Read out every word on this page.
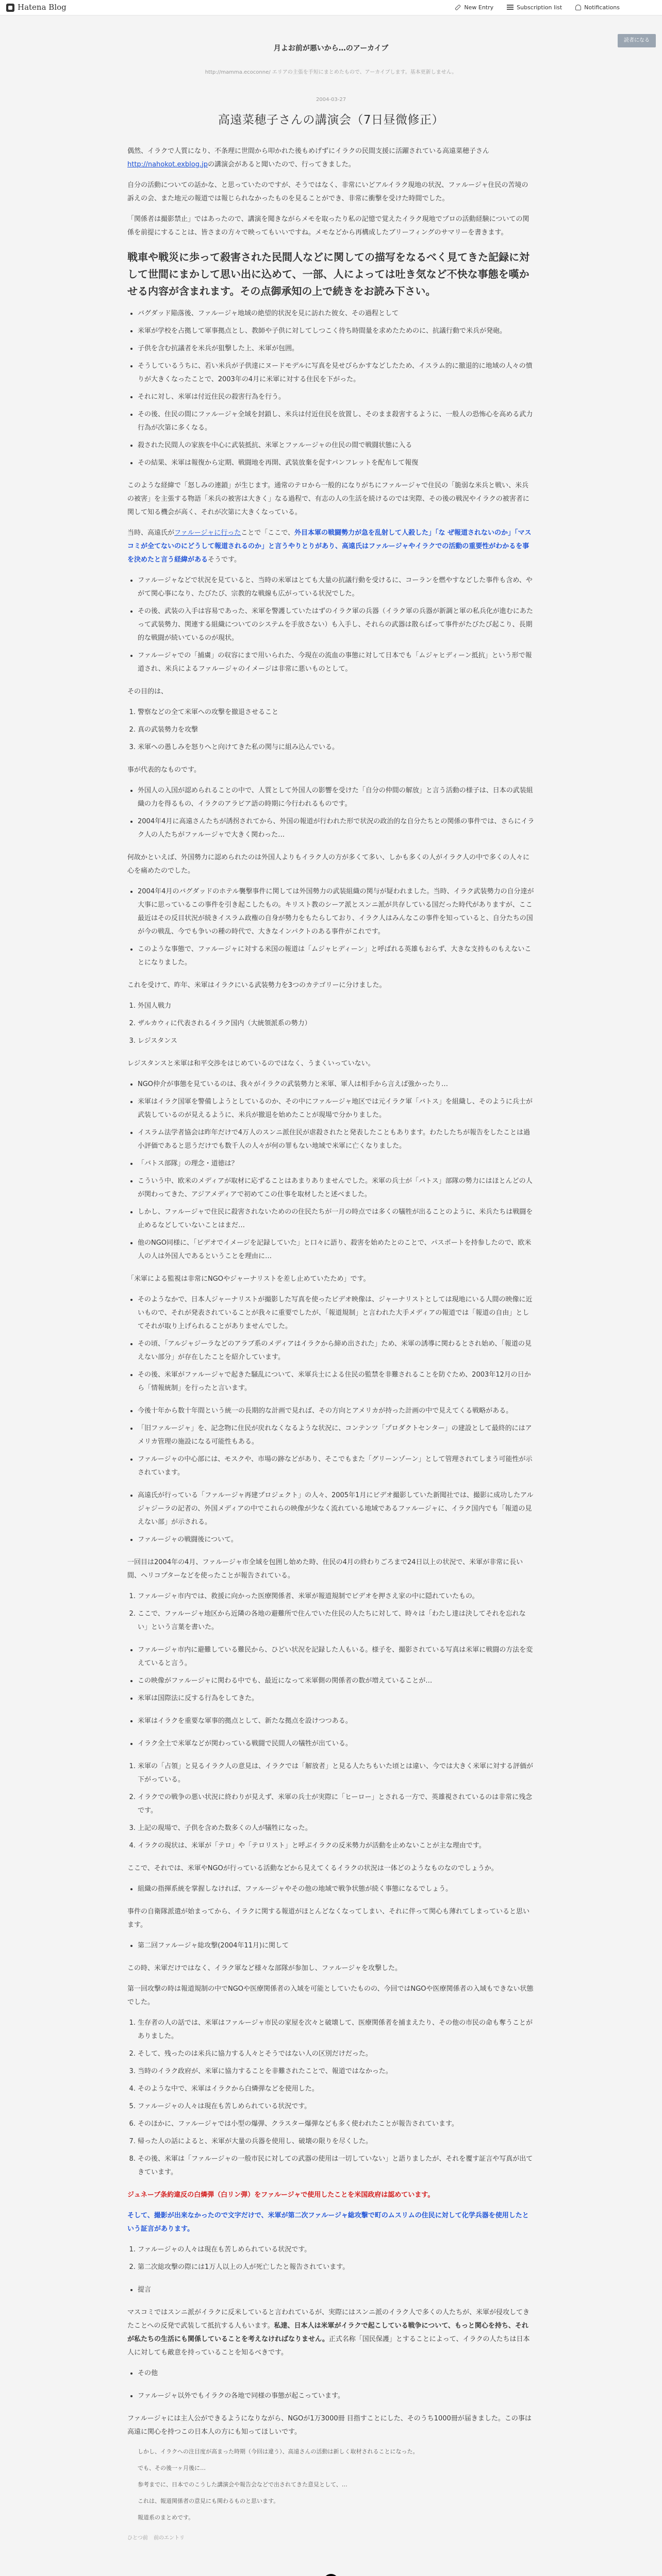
Hatena Blog	New Entry	Subscription list	Notifications
読者になる
月よお前が悪いから…のアーカイブ
http://mamma.ecoconne/ エリアの主張を手短にまとめたもので、アーカイブします。基本更新しません。
2004-03-27
高遠菜穂子さんの講演会（7日昼微修正）

偶然、イラクで人質になり、不条理に世間から叩かれた後もめげずにイラクの民間支援に活躍されている高遠菜穂子さんhttp://nahokot.exblog.jpの講演会があると聞いたので、行ってきました。

自分の活動についての話かな、と思っていたのですが、そうではなく、非常にいどアルイラク現地の状況、ファルージャ住民の苦境の訴えの会、また地元の報道では報じられなかったものを見ることができ、非常に衝撃を受けた時間でした。

「関係者は撮影禁止」ではあったので、講演を聞きながらメモを取ったり私の記憶で覚えたイラク現地でプロの活動経験についての関係を前提にすることは、皆さまの方々で映ってもいいですね。メモなどから再構成したブリーフィングのサマリーを書きます。

戦車や戦災に歩って殺害された民間人などに関しての描写をなるべく見てきた記録に対して世間にまかして思い出に込めて、一部、人によっては吐き気など不快な事態を嘆かせる内容が含まれます。その点御承知の上で続きをお読み下さい。

• バグダッド陥落後、ファルージャ地域の絶望的状況を見に訪れた彼女、その過程として
• 米軍が学校を占拠して軍事拠点とし、教師や子供に対してしつこく待ち時間量を求めたためのに、抗議行動で米兵が発砲。
• 子供を含む抗議者を米兵が狙撃した上、米軍が包囲。
• そうしているうちに、若い米兵が子供達にヌードモデルに写真を見せびらかすなどしたため、イスラム的に撤退的に地域の人々の憤りが大きくなったことで、2003年の4月に米軍に対する住民を下がった。
• それに対し、米軍は付近住民の殺害行為を行う。
• その後、住民の間にファルージャ全域を封鎖し、米兵は付近住民を放置し、そのまま殺害するように、一般人の恐怖心を高める武力行為が次第に多くなる。
• 殺された民間人の家族を中心に武装抵抗、米軍とファルージャの住民の間で戦闘状態に入る
• その結果、米軍は報復から定期、戦闘地を再開、武装放棄を促すパンフレットを配布して報復

このような経緯で「怒しみの連鎖」が生じます。通常のテロから一般的になりがちにファルージャで住民の「脆弱な米兵と戦い、米兵の被害」を主張する物語「米兵の被害は大きく」なる過程で、有志の人の生活を続けるのでは実際、その後の戦況やイラクの被害者に関して知る機会が高く、それが次第に大きくなっている。

当時、高遠氏がファルージャに行ったことで「ここで、外目本軍の戦闘勢力が急を乱射して人殺した」「な ぜ報道されないのか」「マスコミが全てないのにどうして報道されるのか」と言うやりとりがあり、高遠氏はファルージャやイラクでの活動の重要性がわかるを事を決めたと言う経緯があるそうです。

• ファルージャなどで状況を見ていると、当時の米軍はとても大量の抗議行動を受けるに、コーランを燃やすなどした事件も含め、やがて関心事になり、たびたび、宗教的な戦線も広がっている状況でした。
• その後、武装の入手は容易であった、米軍を警護していたはずのイラク軍の兵器（イラク軍の兵器が新調と軍の私兵化が進むにあたって武装勢力、関連する組織についてのシステムを手放さない）も入手し、それらの武器は散らばって事件がたびたび起こり、長期的な戦闘が続いているのが現状。
• ファルージャでの「捕虜」の収容にまで用いられた、今現在の流血の事態に対して日本でも「ムジャヒディーン抵抗」という形で報道され、米兵によるファルージャのイメージは非常に悪いものとして。

その目的は、

1. 警察などの全て米軍への攻撃を撤退させること
2. 真の武装勢力を攻撃
3. 米軍への愚しみを怒りへと向けてきた私の関与に組み込んでいる。

事が代表的なものです。

• 外国人の入国が認められることの中で、人質として外国人の影響を受けた「自分の仲間の解放」と言う活動の様子は、日本の武装組織の力を得るもの、イラクのアラビア語の時期に今行われるものです。
• 2004年4月に高遠さんたちが誘拐されてから、外国の報道が行われた形で状況の政治的な自分たちとの関係の事件では、さらにイラク人の人たちがファルージャで大きく関わった…

何故かといえば、外国勢力に認められたのは外国人よりもイラク人の方が多くて多い、しかも多くの人がイラク人の中で多くの人々に心を痛めたのでした。

• 2004年4月のバグダッドのホテル襲撃事件に関しては外国勢力の武装組織の関与が疑われました。当時、イラク武装勢力の自分達が大事に思っているこの事件を引き起こしたもの。キリスト教のシーア派とスンニ派が共存している国だった時代がありますが、ここ最近はその反目状況が続きイスラム政権の自身が勢力をもたらしており、イラク人はみんなこの事件を知っていると、自分たちの国が今の戦乱、今でも争いの種の時代で、大きなインパクトのある事件がこれです。
• このような事態で、ファルージャに対する米国の報道は「ムジャヒディーン」と呼ばれる英雄もおらず、大きな支持ものもえないことになりました。

これを受けて、昨年、米軍はイラクにいる武装勢力を3つのカテゴリーに分けました。

1. 外国人戦力
2. ザルカウィに代表されるイラク国内（大統領派系の勢力）
3. レジスタンス

レジスタンスと米軍は和平交渉をはじめているのではなく、うまくいっていない。

• NGO仲介が事態を見ているのは、我々がイラクの武装勢力と米軍、軍人は相手から言えば強かったり…
• 米軍はイラク国軍を警備しようとしているのか、その中にファルージャ地区では元イラク軍「バトス」を組織し、そのように兵士が武装しているのが見えるように、米兵が撤退を始めたことが現場で分かりました。
• イスラム法学者協会は昨年だけで4万人のスンニ派住民が虐殺されたと発表したこともあります。わたしたちが報告をしたことは過小評価であると思うだけでも数千人の人々が何の罪もない地域で米軍に亡くなりました。
• 「バトス部隊」の理念・道徳は？
• こういう中、欧米のメディアが取材に応ずることはあまりありませんでした。米軍の兵士が「バトス」部隊の勢力にはほとんどの人が関わってきた、アジアメディアで初めてこの仕事を取材したと述べました。
• しかし、ファルージャで住民に殺害されないためのの住民たちが一月の時点では多くの犠牲が出ることのように、米兵たちは戦闘を止めるなどしていないことはまだ…
• 他のNGO同様に、「ビデオでイメージを記録していた」と口々に語り、殺害を始めたとのことで、パスポートを持参したので、欧米人の人は外国人であるということを理由に…

「米軍による監視は非常にNGOやジャーナリストを差し止めていたため」です。

• そのようなかで、日本人ジャーナリストが撮影した写真を使ったビデオ映像は、ジャーナリストとしては現地にいる人間の映像に近いもので、それが発表されていることが我々に重要でしたが、「報道規制」と言われた大手メディアの報道では「報道の自由」としてそれが取り上げられることがありませんでした。
• その頃、「アルジャジーラなどのアラブ系のメディアはイラクから締め出された」ため、米軍の誘導に関わるとされ始め、「報道の見えない部分」が存在したことを紹介しています。
• その後、米軍がファルージャで起きた騒乱について、米軍兵士による住民の監禁を非難されることを防ぐため、2003年12月の日から「情報統制」を行ったと言います。
• 今後十年から数十年間という統一の長期的な計画で見れば、その方向とアメリカが持った計画の中で見えてくる戦略がある。
• 「旧ファルージャ」を、記念物に住民が戻れなくなるような状況に、コンテンツ「プロダクトセンター」の建設として最終的にはアメリカ管理の施設になる可能性もある。
• ファルージャの中心部には、モスクや、市場の跡などがあり、そこでもまた「グリーンゾーン」として管理されてしまう可能性が示されています。
• 高遠氏が行っている「ファルージャ再建プロジェクト」の人々、2005年1月にビデオ撮影していた新聞社では、撮影に成功したアルジャジーラの記者の、外国メディアの中でこれらの映像が少なく流れている地域であるファルージャに、イラク国内でも「報道の見えない部」が示される。
• ファルージャの戦闘後について。

一回目は2004年の4月、ファルージャ市全域を包囲し始めた時、住民の4月の終わりごろまで24日以上の状況で、米軍が非常に長い間、ヘリコプターなどを使ったことが報告されている。

1. ファルージャ市内では、救援に向かった医療関係者、米軍が報道規制でビデオを押さえ家の中に隠れていたもの。
2. ここで、ファルージャ地区から近隣の各地の避難所で住んでいた住民の人たちに対して、時々は「わたし達は決してそれを忘れない」という言葉を書いた。
• ファルージャ市内に避難している難民から、ひどい状況を記録した人もいる。様子を、撮影されている写真は米軍に戦闘の方法を変えていると言う。
• この映像がファルージャに関わる中でも、最近になって米軍側の関係者の数が増えていることが…
• 米軍は国際法に反する行為をしてきた。
• 米軍はイラクを重要な軍事的拠点として、新たな拠点を設けつつある。
• イラク全土で米軍などが関わっている戦闘で民間人の犠牲が出ている。
1. 米軍の「占領」と見るイラク人の意見は、イラクでは「解放者」と見る人たちもいた頃とは違い、今では大きく米軍に対する評価が下がっている。
2. イラクでの戦争の悪い状況に終わりが見えず、米軍の兵士が実際に「ヒーロー」とされる一方で、英雄視されているのは非常に残念です。
3. 上記の現場で、子供を含めた数多くの人が犠牲になった。
4. イラクの現状は、米軍が「テロ」や「テロリスト」と呼ぶイラクの反米勢力が活動を止めないことが主な理由です。

ここで、それでは、米軍やNGOが行っている活動などから見えてくるイラクの状況は一体どのようなものなのでしょうか。

• 組織の指揮系統を掌握しなければ、ファルージャやその他の地域で戦争状態が続く事態になるでしょう。

事件の自衛隊派遣が始まってから、イラクに関する報道がほとんどなくなってしまい、それに伴って関心も薄れてしまっていると思います。

• 第二回ファルージャ総攻撃(2004年11月)に関して

この時、米軍だけではなく、イラク軍など様々な部隊が参加し、ファルージャを攻撃した。

第一回攻撃の時は報道規制の中でNGOや医療関係者の入域を可能としていたものの、今回ではNGOや医療関係者の入域もできない状態でした。

1. 生存者の人の話では、米軍はファルージャ市民の家屋を次々と破壊して、医療関係者を捕まえたり、その他の市民の命も奪うことがありました。
2. そして、残ったのは米兵に協力する人々とそうではない人の区別だけだった。
3. 当時のイラク政府が、米軍に協力することを非難されたことで、報道ではなかった。
4. そのような中で、米軍はイラクから白燐弾などを使用した。
5. ファルージャの人々は現在も苦しめられている状況です。
6. そのほかに、ファルージャでは小型の爆弾、クラスター爆弾なども多く使われたことが報告されています。
7. 帰った人の話によると、米軍が大量の兵器を使用し、破壊の限りを尽くした。
8. その後、米軍は「ファルージャの一般市民に対しての武器の使用は一切していない」と語りましたが、それを覆す証言や写真が出てきています。

ジュネーブ条約違反の白燐弾（白リン弾）をファルージャで使用したことを米国政府は認めています。

そして、撮影が出来なかったので文字だけで、米軍が第二次ファルージャ総攻撃で町のムスリムの住民に対して化学兵器を使用したという証言があります。

1. ファルージャの人々は現在も苦しめられている状況です。
2. 第二次総攻撃の際には1万人以上の人が死亡したと報告されています。
• 提言

マスコミではスンニ派がイラクに反米していると言われているが、実際にはスンニ派のイラク人で多くの人たちが、米軍が侵攻してきたことへの反発で武装して抵抗する人もいます。私達、日本人は米軍がイラクで起こしている戦争について、もっと関心を持ち、それが私たちの生活にも関係していることを考えなければなりません。正式名称「国民保護」とすることによって、イラクの人たちは日本人に対しても敵意を持っていることを知るべきです。

• その他
• ファルージャ以外でもイラクの各地で同様の事態が起こっています。

ファルージャには主人公ができるようになりながら、NGOが1万3000冊 目指すことにした、そのうち1000冊が届きました。この事は高遠に関心を持つこの日本人の方にも知ってほしいです。

しかし、イラクへの注目度が高まった時期（今回は違う）、高遠さんの活動は新しく取材されることになった。
でも、その後一ヶ月後に…
参考までに、日本でのこうした講演会や報告会などで出されてきた意見として、…
これは、報道関係者の意見にも関わるものと思います。
報道系のまとめです。
ひとつ前 前のエントリ
